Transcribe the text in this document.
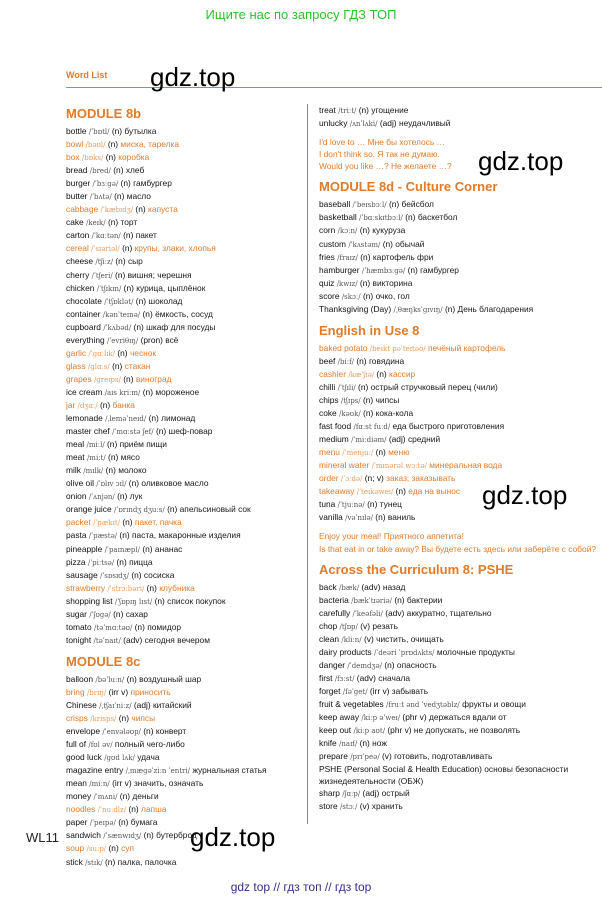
Ищите нас по запросу ГДЗ ТОП
Word List gdz.top
gdz.top
gdz.top
gdz.top
MODULE 8b
bottle /ˈbɒtl/ (n) бутылка
bowl /bəʊl/ (n) миска, тарелка
box /bɒks/ (n) коробка
bread /bred/ (n) хлеб
burger /ˈbɜːɡə/ (n) гамбургер
butter /ˈbʌtə/ (n) масло
cabbage /ˈkæbɪdʒ/ (n) капуста
cake /keɪk/ (n) торт
carton /ˈkɑːtən/ (n) пакет
cereal /ˈsɪəriəl/ (n) крупы, злаки, хлопья
cheese /tʃiːz/ (n) сыр
cherry /ˈtʃeri/ (n) вишня; черешня
chicken /ˈtʃɪkɪn/ (n) курица, цыплёнок
chocolate /ˈtʃɒklət/ (n) шоколад
container /kənˈteɪnə/ (n) ёмкость, сосуд
cupboard /ˈkʌbəd/ (n) шкаф для посуды
everything /ˈevriθɪŋ/ (pron) всё
garlic /ˈɡɑːlɪk/ (n) чеснок
glass /ɡlɑːs/ (n) стакан
grapes /ɡreɪps/ (n) виноград
ice cream /aɪs kriːm/ (n) мороженое
jar /dʒɑː/ (n) банка
lemonade /ˌleməˈneɪd/ (n) лимонад
master chef /ˈmɑːstə ʃef/ (n) шеф-повар
meal /miːl/ (n) приём пищи
meat /miːt/ (n) мясо
milk /mɪlk/ (n) молоко
olive oil /ˈɒlɪv ɔɪl/ (n) оливковое масло
onion /ˈʌnjən/ (n) лук
orange juice /ˈɒrɪndʒ dʒuːs/ (n) апельсиновый сок
packet /ˈpækɪt/ (n) пакет, пачка
pasta /ˈpæstə/ (n) паста, макаронные изделия
pineapple /ˈpaɪnæpl/ (n) ананас
pizza /ˈpiːtsə/ (n) пицца
sausage /ˈsɒsɪdʒ/ (n) сосиска
strawberry /ˈstrɔːbəri/ (n) клубника
shopping list /ˈʃɒpɪŋ lɪst/ (n) список покупок
sugar /ˈʃʊɡə/ (n) сахар
tomato /təˈmɑːtəʊ/ (n) помидор
tonight /təˈnaɪt/ (adv) сегодня вечером
MODULE 8c
balloon /bəˈluːn/ (n) воздушный шар
bring /brɪŋ/ (irr v) приносить
Chinese /ˌtʃaɪˈniːz/ (adj) китайский
crisps /krɪsps/ (n) чипсы
envelope /ˈenvələʊp/ (n) конверт
full of /fʊl əv/ полный чего-либо
good luck /ɡʊd lʌk/ удача
magazine entry /ˌmæɡəˈziːn ˈentri/ журнальная статья
mean /miːn/ (irr v) значить, означать
money /ˈmʌni/ (n) деньги
noodles /ˈnuːdlz/ (n) лапша
paper /ˈpeɪpə/ (n) бумага
sandwich /ˈsænwɪdʒ/ (n) бутерброд
soup /suːp/ (n) суп
stick /stɪk/ (n) палка, палочка
treat /triːt/ (n) угощение
unlucky /ʌnˈlʌki/ (adj) неудачливый
I'd love to … Мне бы хотелось …
I don't think so. Я так не думаю.
Would you like …? Не желаете …?
MODULE 8d - Culture Corner
baseball /ˈbeɪsbɔːl/ (n) бейсбол
basketball /ˈbɑːskɪtbɔːl/ (n) баскетбол
corn /kɔːn/ (n) кукуруза
custom /ˈkʌstəm/ (n) обычай
fries /fraɪz/ (n) картофель фри
hamburger /ˈhæmbɜːɡə/ (n) гамбургер
quiz /kwɪz/ (n) викторина
score /skɔː/ (n) очко, гол
Thanksgiving (Day) /ˌθæŋksˈɡɪvɪŋ/ (n) День благодарения
English in Use 8
baked potato /beɪkt pəˈteɪtəʊ/ печёный картофель
beef /biːf/ (n) говядина
cashier /kæˈʃɪə/ (n) кассир
chilli /ˈtʃɪli/ (n) острый стручковый перец (чили)
chips /tʃɪps/ (n) чипсы
coke /kəʊk/ (n) кока-кола
fast food /fɑːst fuːd/ еда быстрого приготовления
medium /ˈmiːdiəm/ (adj) средний
menu /ˈmenjuː/ (n) меню
mineral water /ˈmɪnərəl wɔːtə/ минеральная вода
order /ˈɔːdə/ (n; v) заказ; заказывать
takeaway /ˈteɪkəweɪ/ (n) еда на вынос
tuna /ˈtjuːnə/ (n) тунец
vanilla /vəˈnɪlə/ (n) ваниль
Enjoy your meal! Приятного аппетита!
Is that eat in or take away? Вы будете есть здесь или заберёте с собой?
Across the Curriculum 8: PSHE
back /bæk/ (adv) назад
bacteria /bækˈtɪəriə/ (n) бактерии
carefully /ˈkeəfəli/ (adv) аккуратно, тщательно
chop /tʃɒp/ (v) резать
clean /kliːn/ (v) чистить, очищать
dairy products /ˈdeəri ˈprɒdʌkts/ молочные продукты
danger /ˈdeɪndʒə/ (n) опасность
first /fɜːst/ (adv) сначала
forget /fəˈɡet/ (irr v) забывать
fruit & vegetables /fruːt ənd ˈvedʒtəblz/ фрукты и овощи
keep away /kiːp əˈweɪ/ (phr v) держаться вдали от
keep out /kiːp aʊt/ (phr v) не допускать, не позволять
knife /naɪf/ (n) нож
prepare /prɪˈpeə/ (v) готовить, подготавливать
PSHE (Personal Social & Health Education) основы безопасности жизнедеятельности (ОБЖ)
sharp /ʃɑːp/ (adj) острый
store /stɔː/ (v) хранить
WL11
gdz top // гдз топ // гдз top
